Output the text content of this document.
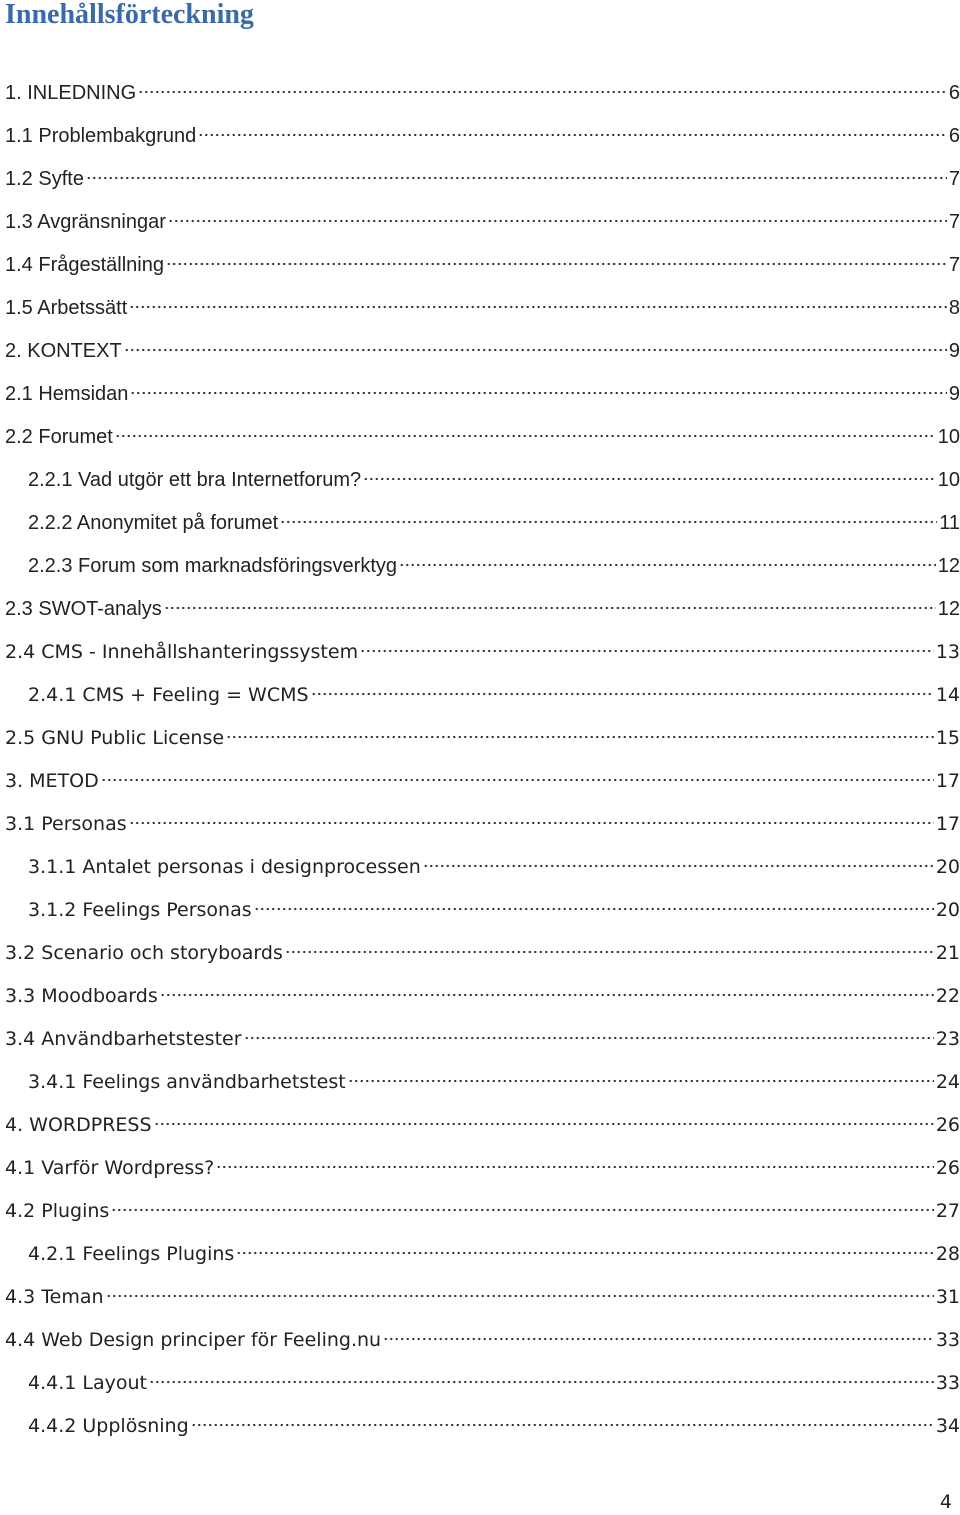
Innehållsförteckning
1. INLEDNING	6
1.1 Problembakgrund	6
1.2 Syfte	7
1.3 Avgränsningar	7
1.4 Frågeställning	7
1.5 Arbetssätt	8
2. KONTEXT	9
2.1 Hemsidan	9
2.2 Forumet	10
2.2.1 Vad utgör ett bra Internetforum?	10
2.2.2 Anonymitet på forumet	11
2.2.3 Forum som marknadsföringsverktyg	12
2.3 SWOT-analys	12
2.4 CMS - Innehållshanteringssystem	13
2.4.1 CMS + Feeling = WCMS	14
2.5 GNU Public License	15
3. METOD	17
3.1 Personas	17
3.1.1 Antalet personas i designprocessen	20
3.1.2 Feelings Personas	20
3.2 Scenario och storyboards	21
3.3 Moodboards	22
3.4 Användbarhetstester	23
3.4.1 Feelings användbarhetstest	24
4. WORDPRESS	26
4.1 Varför Wordpress?	26
4.2 Plugins	27
4.2.1 Feelings Plugins	28
4.3 Teman	31
4.4 Web Design principer för Feeling.nu	33
4.4.1 Layout	33
4.4.2 Upplösning	34
4
